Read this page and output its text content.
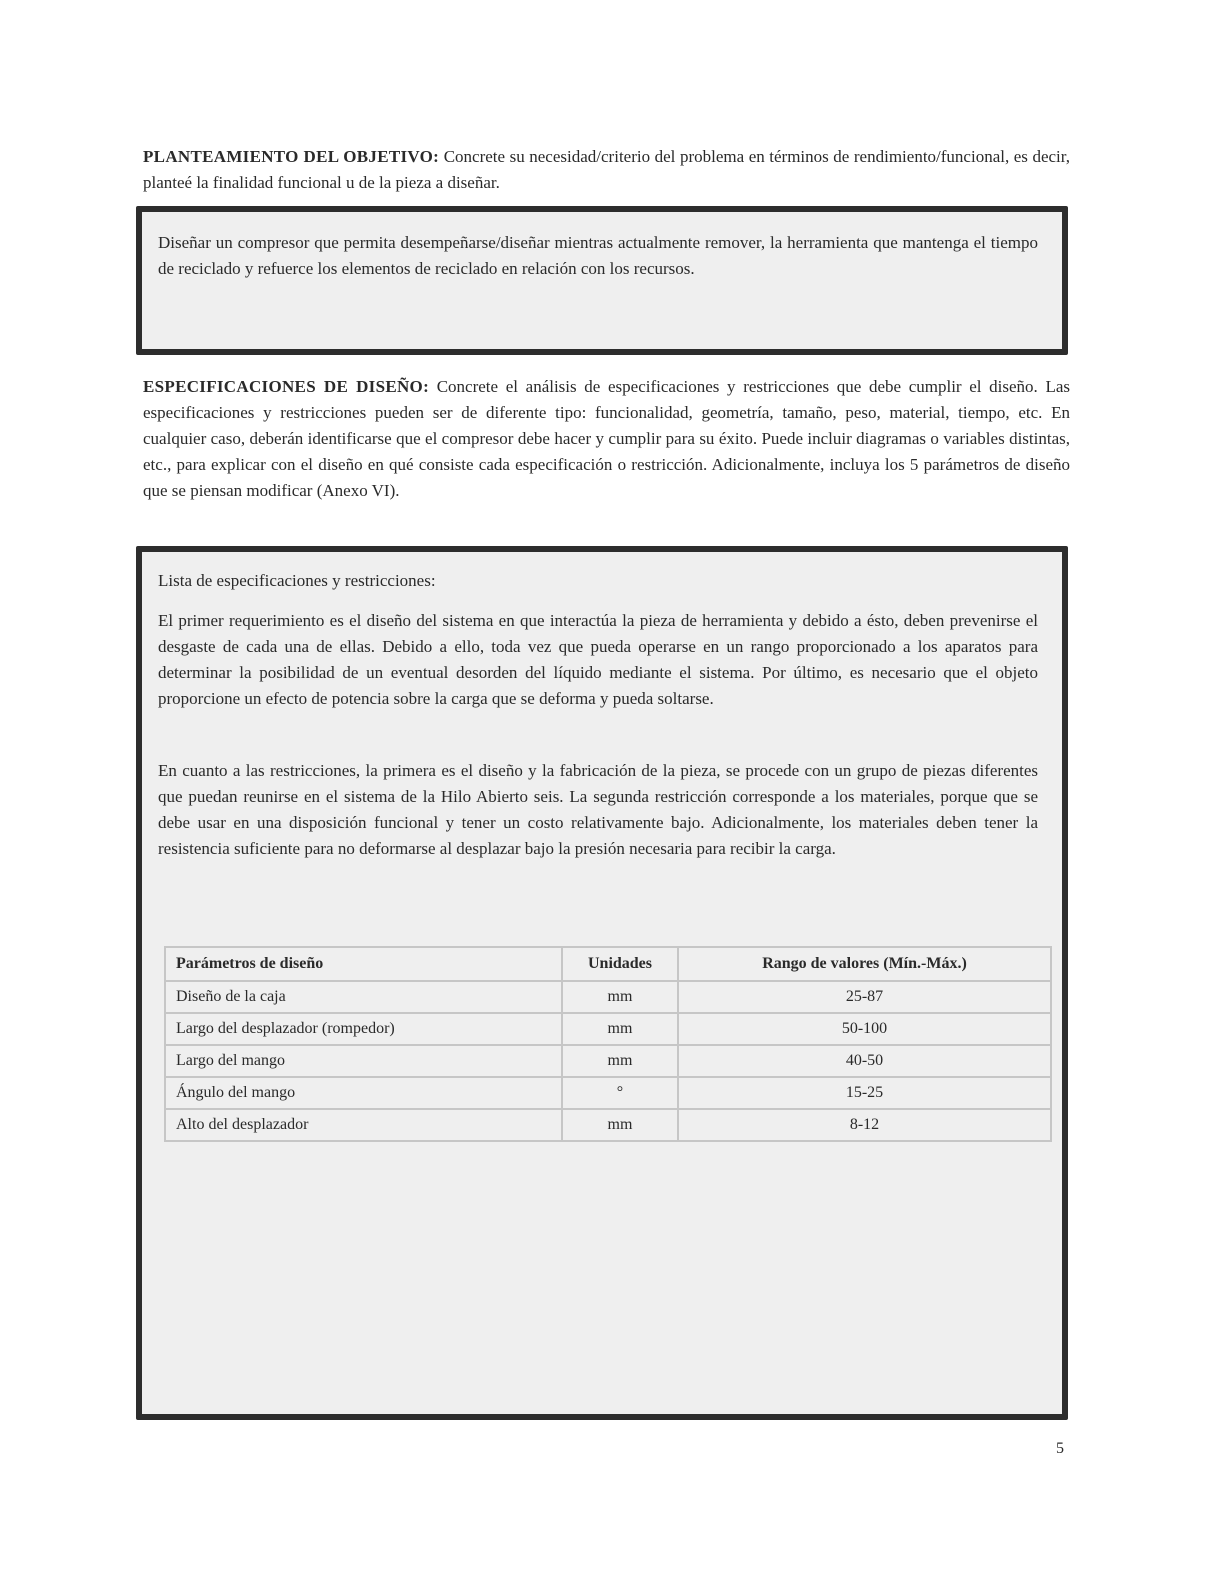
PLANTEAMIENTO DEL OBJETIVO: Concrete su necesidad/criterio del problema en términos de rendimiento/funcional, es decir, planteé la finalidad funcional u de la pieza a diseñar.

Diseñar un compresor que permita desempeñarse/diseñar mientras actualmente remover, la herramienta que mantenga el tiempo de reciclado y refuerce los elementos de reciclado en relación con los recursos.

ESPECIFICACIONES DE DISEÑO: Concrete el análisis de especificaciones y restricciones que debe cumplir el diseño. Las especificaciones y restricciones pueden ser de diferente tipo: funcionalidad, geometría, tamaño, peso, material, tiempo, etc. En cualquier caso, deberán identificarse que el compresor debe hacer y cumplir para su éxito. Puede incluir diagramas o variables distintas, etc., para explicar con el diseño en qué consiste cada especificación o restricción. Adicionalmente, incluya los 5 parámetros de diseño que se piensan modificar (Anexo VI).

Lista de especificaciones y restricciones:

El primer requerimiento es el diseño del sistema en que interactúa la pieza de herramienta y debido a ésto, deben prevenirse el desgaste de cada una de ellas. Debido a ello, toda vez que pueda operarse en un rango proporcionado a los aparatos para determinar la posibilidad de un eventual desorden del líquido mediante el sistema. Por último, es necesario que el objeto proporcione un efecto de potencia sobre la carga que se deforma y pueda soltarse.

En cuanto a las restricciones, la primera es el diseño y la fabricación de la pieza, se procede con un grupo de piezas diferentes que puedan reunirse en el sistema de la Hilo Abierto seis. La segunda restricción corresponde a los materiales, porque que se debe usar en una disposición funcional y tener un costo relativamente bajo. Adicionalmente, los materiales deben tener la resistencia suficiente para no deformarse al desplazar bajo la presión necesaria para recibir la carga.

Parámetros de diseño	Unidades	Rango de valores (Mín.-Máx.)
Diseño de la caja	mm	25-87
Largo del desplazador (rompedor)	mm	50-100
Largo del mango	mm	40-50
Ángulo del mango	°	15-25
Alto del desplazador	mm	8-12
5
